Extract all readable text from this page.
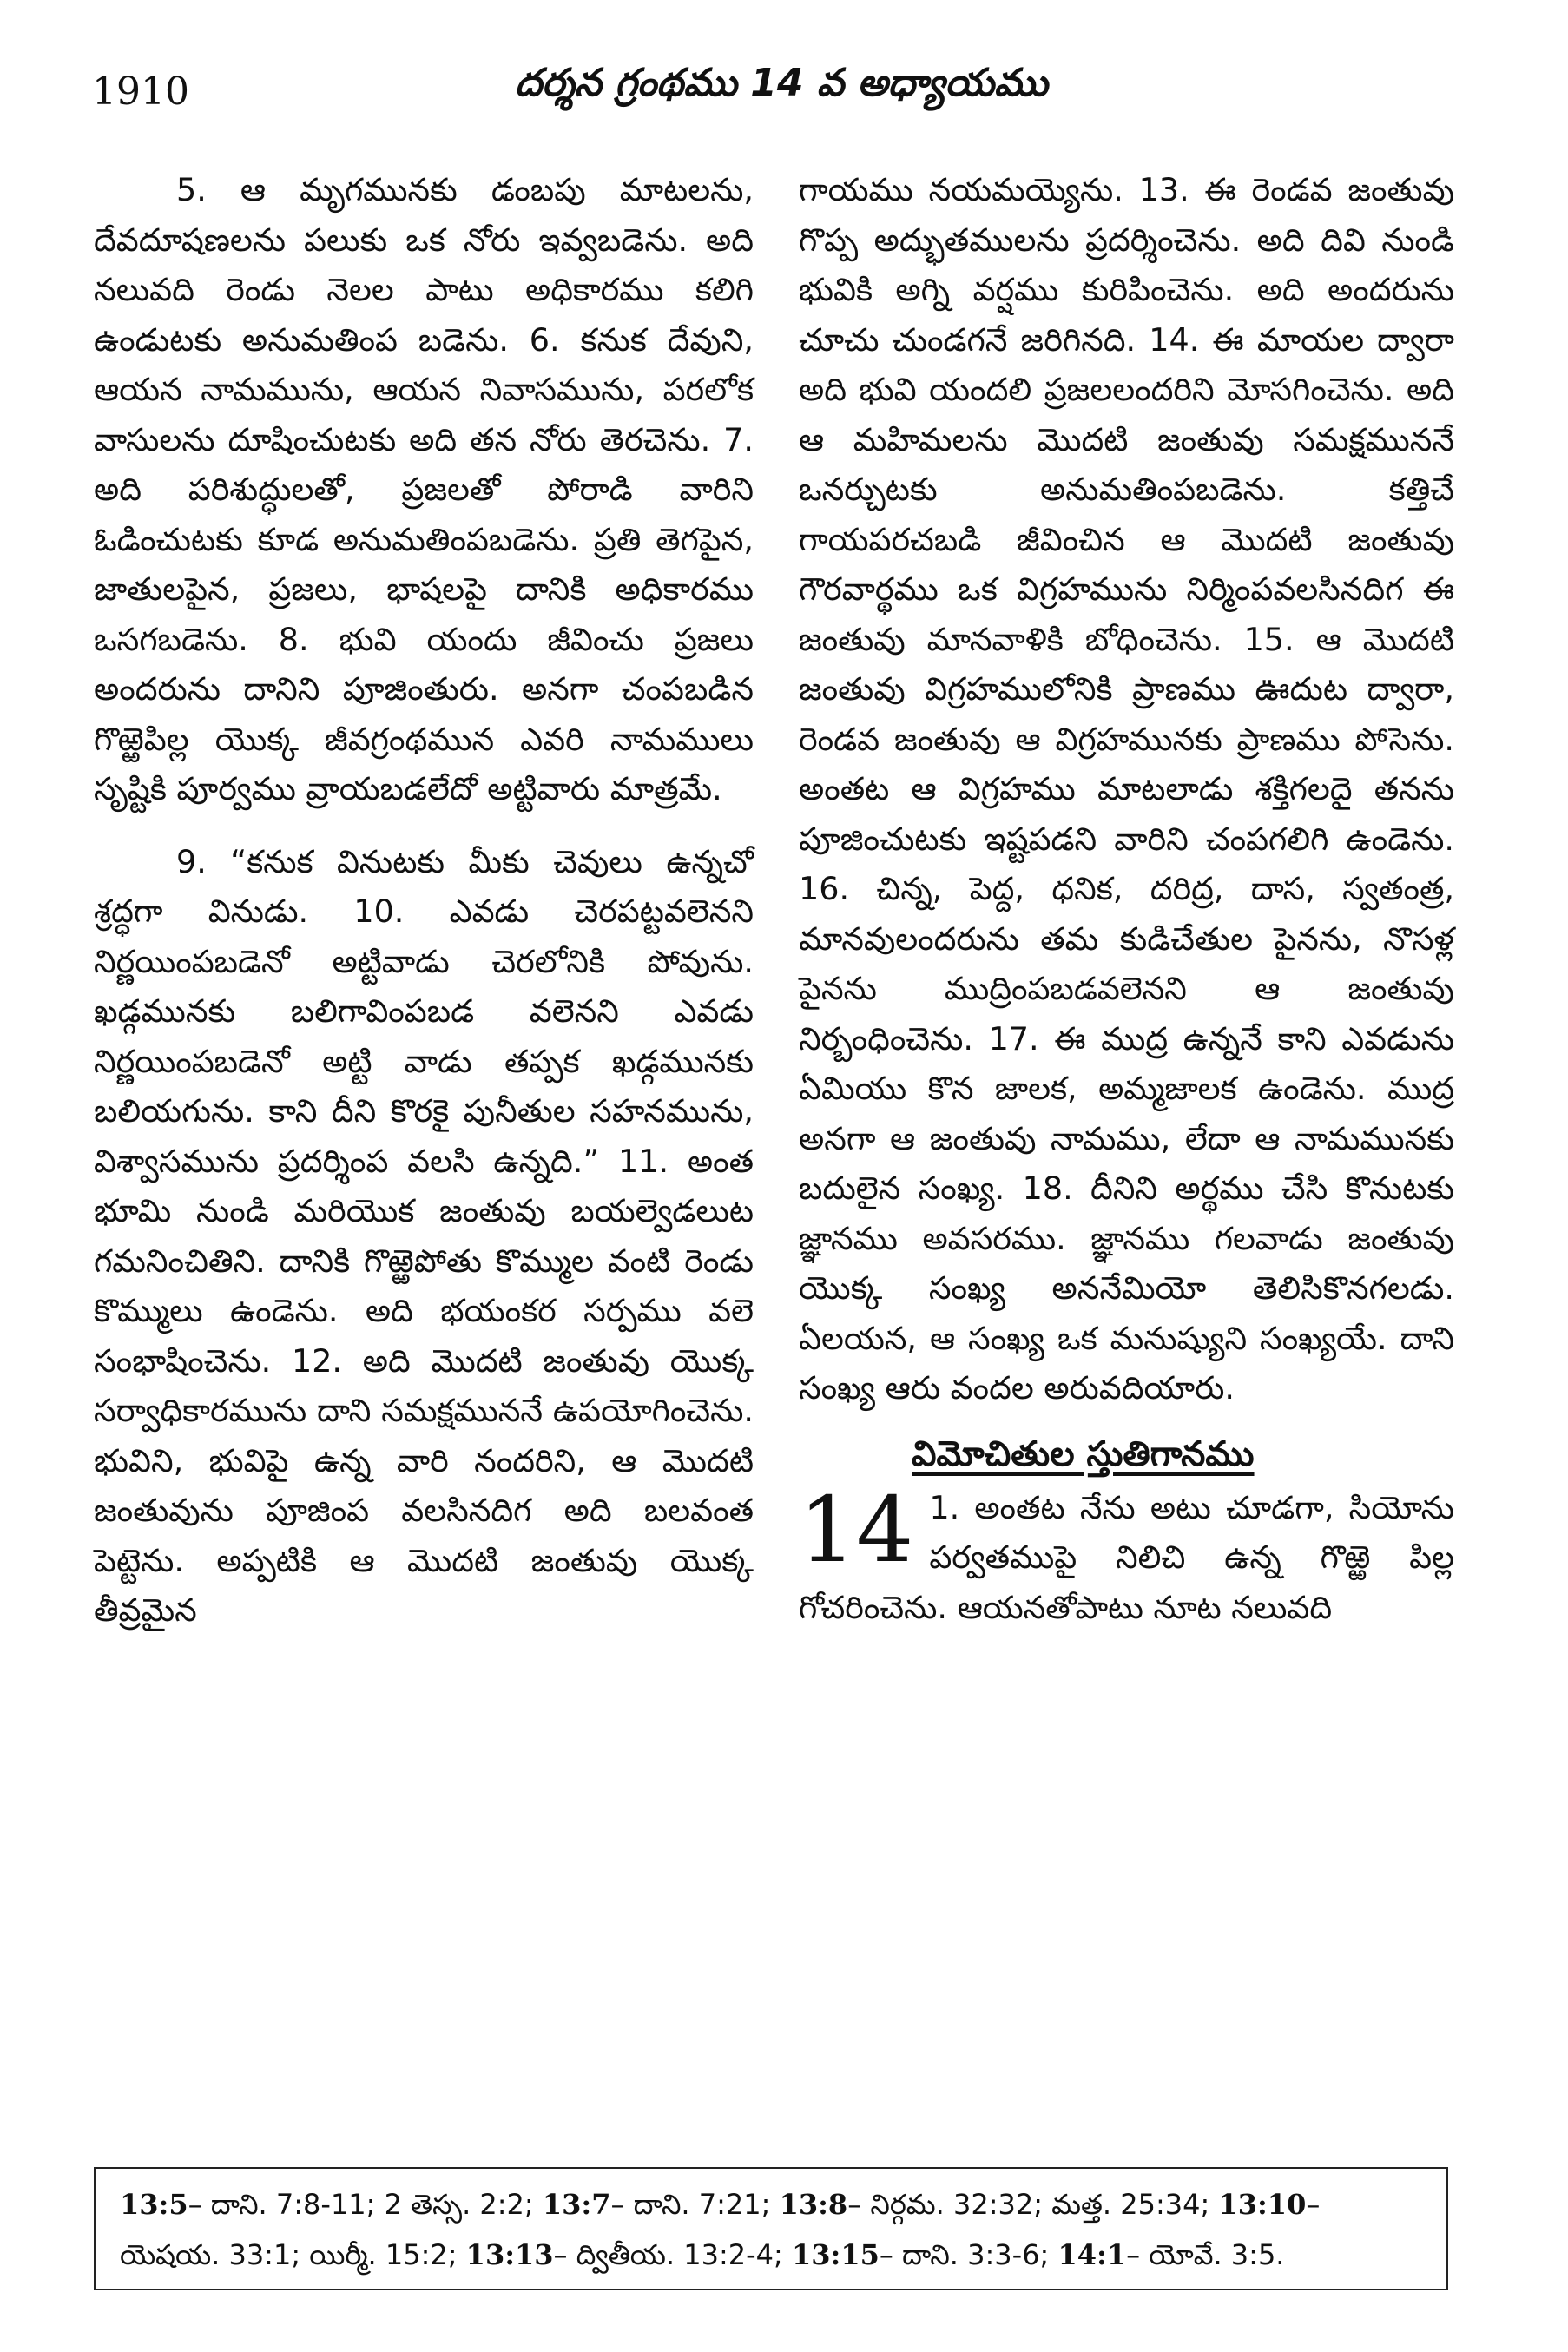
1910	దర్శన గ్రంథము 14 వ అధ్యాయము

5. ఆ మృగమునకు డంబపు మాటలను, దేవదూషణలను పలుకు ఒక నోరు ఇవ్వబడెను. అది నలువది రెండు నెలల పాటు అధికారము కలిగి ఉండుటకు అనుమతింప బడెను. 6. కనుక దేవుని, ఆయన నామమును, ఆయన నివాసమును, పరలోక వాసులను దూషించుటకు అది తన నోరు తెరచెను. 7. అది పరిశుద్ధులతో, ప్రజలతో పోరాడి వారిని ఓడించుటకు కూడ అనుమతింపబడెను. ప్రతి తెగపైన, జాతులపైన, ప్రజలు, భాషలపై దానికి అధికారము ఒసగబడెను. 8. భువి యందు జీవించు ప్రజలు అందరును దానిని పూజింతురు. అనగా చంపబడిన గొఱ్ఱెపిల్ల యొక్క జీవగ్రంథమున ఎవరి నామములు సృష్టికి పూర్వము వ్రాయబడలేదో అట్టివారు మాత్రమే.

9. “కనుక వినుటకు మీకు చెవులు ఉన్నచో శ్రద్ధగా వినుడు. 10. ఎవడు చెరపట్టవలెనని నిర్ణయింపబడెనో అట్టివాడు చెరలోనికి పోవును. ఖడ్గమునకు బలిగావింపబడ వలెనని ఎవడు నిర్ణయింపబడెనో అట్టి వాడు తప్పక ఖడ్గమునకు బలియగును. కాని దీని కొరకై పునీతుల సహనమును, విశ్వాసమును ప్రదర్శింప వలసి ఉన్నది.” 11. అంత భూమి నుండి మరియొక జంతువు బయల్వెడలుట గమనించితిని. దానికి గొఱ్ఱెపోతు కొమ్ముల వంటి రెండు కొమ్ములు ఉండెను. అది భయంకర సర్పము వలె సంభాషించెను. 12. అది మొదటి జంతువు యొక్క సర్వాధికారమును దాని సమక్షముననే ఉపయోగించెను. భువిని, భువిపై ఉన్న వారి నందరిని, ఆ మొదటి జంతువును పూజింప వలసినదిగ అది బలవంత పెట్టెను. అప్పటికి ఆ మొదటి జంతువు యొక్క తీవ్రమైన

గాయము నయమయ్యెను. 13. ఈ రెండవ జంతువు గొప్ప అద్భుతములను ప్రదర్శించెను. అది దివి నుండి భువికి అగ్ని వర్షము కురిపించెను. అది అందరును చూచు చుండగనే జరిగినది. 14. ఈ మాయల ద్వారా అది భువి యందలి ప్రజలలందరిని మోసగించెను. అది ఆ మహిమలను మొదటి జంతువు సమక్షముననే ఒనర్చుటకు అనుమతింపబడెను. కత్తిచే గాయపరచబడి జీవించిన ఆ మొదటి జంతువు గౌరవార్థము ఒక విగ్రహమును నిర్మింపవలసినదిగ ఈ జంతువు మానవాళికి బోధించెను. 15. ఆ మొదటి జంతువు విగ్రహములోనికి ప్రాణము ఊదుట ద్వారా, రెండవ జంతువు ఆ విగ్రహమునకు ప్రాణము పోసెను. అంతట ఆ విగ్రహము మాటలాడు శక్తిగలదై తనను పూజించుటకు ఇష్టపడని వారిని చంపగలిగి ఉండెను. 16. చిన్న, పెద్ద, ధనిక, దరిద్ర, దాస, స్వతంత్ర, మానవులందరును తమ కుడిచేతుల పైనను, నొసళ్ల పైనను ముద్రింపబడవలెనని ఆ జంతువు నిర్బంధించెను. 17. ఈ ముద్ర ఉన్ననే కాని ఎవడును ఏమియు కొన జాలక, అమ్మజాలక ఉండెను. ముద్ర అనగా ఆ జంతువు నామము, లేదా ఆ నామమునకు బదులైన సంఖ్య. 18. దీనిని అర్థము చేసి కొనుటకు జ్ఞానము అవసరము. జ్ఞానము గలవాడు జంతువు యొక్క సంఖ్య అననేమియో తెలిసికొనగలడు. ఏలయన, ఆ సంఖ్య ఒక మనుష్యుని సంఖ్యయే. దాని సంఖ్య ఆరు వందల అరువదియారు.

విమోచితుల స్తుతిగానము
14 1. అంతట నేను అటు చూడగా, సియోను పర్వతముపై నిలిచి ఉన్న గొఱ్ఱె పిల్ల గోచరించెను. ఆయనతోపాటు నూట నలువది

13:5– దాని. 7:8-11; 2 తెస్స. 2:2; 13:7– దాని. 7:21; 13:8– నిర్గమ. 32:32; మత్త. 25:34; 13:10–

యెషయ. 33:1; యిర్మీ. 15:2; 13:13– ద్వితీయ. 13:2-4; 13:15– దాని. 3:3-6; 14:1– యోవే. 3:5.
